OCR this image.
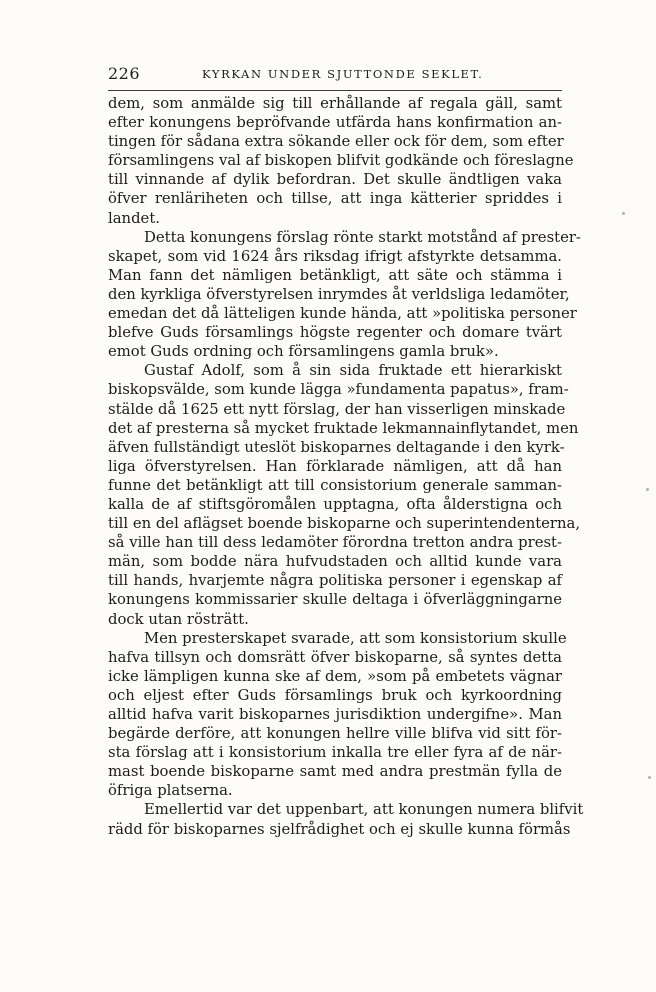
226	KYRKAN UNDER SJUTTONDE SEKLET.
dem, som anmälde sig till erhållande af regala gäll, samt
efter konungens bepröfvande utfärda hans konfirmation an-
tingen för sådana extra sökande eller ock för dem, som efter
församlingens val af biskopen blifvit godkände och föreslagne
till vinnande af dylik befordran. Det skulle ändtligen vaka
öfver renläriheten och tillse, att inga kätterier spriddes i
landet.
Detta konungens förslag rönte starkt motstånd af prester-
skapet, som vid 1624 års riksdag ifrigt afstyrkte detsamma.
Man fann det nämligen betänkligt, att säte och stämma i
den kyrkliga öfverstyrelsen inrymdes åt verldsliga ledamöter,
emedan det då lätteligen kunde hända, att »politiska personer
blefve Guds församlings högste regenter och domare tvärt
emot Guds ordning och församlingens gamla bruk».
Gustaf Adolf, som å sin sida fruktade ett hierarkiskt
biskopsvälde, som kunde lägga »fundamenta papatus», fram-
stälde då 1625 ett nytt förslag, der han visserligen minskade
det af presterna så mycket fruktade lekmannainflytandet, men
äfven fullständigt uteslöt biskoparnes deltagande i den kyrk-
liga öfverstyrelsen. Han förklarade nämligen, att då han
funne det betänkligt att till consistorium generale samman-
kalla de af stiftsgöromålen upptagna, ofta ålderstigna och
till en del aflägset boende biskoparne och superintendenterna,
så ville han till dess ledamöter förordna tretton andra prest-
män, som bodde nära hufvudstaden och alltid kunde vara
till hands, hvarjemte några politiska personer i egenskap af
konungens kommissarier skulle deltaga i öfverläggningarne
dock utan rösträtt.
Men presterskapet svarade, att som konsistorium skulle
hafva tillsyn och domsrätt öfver biskoparne, så syntes detta
icke lämpligen kunna ske af dem, »som på embetets vägnar
och eljest efter Guds församlings bruk och kyrkoordning
alltid hafva varit biskoparnes jurisdiktion undergifne». Man
begärde derföre, att konungen hellre ville blifva vid sitt för-
sta förslag att i konsistorium inkalla tre eller fyra af de när-
mast boende biskoparne samt med andra prestmän fylla de
öfriga platserna.
Emellertid var det uppenbart, att konungen numera blifvit
rädd för biskoparnes sjelfrådighet och ej skulle kunna förmås
